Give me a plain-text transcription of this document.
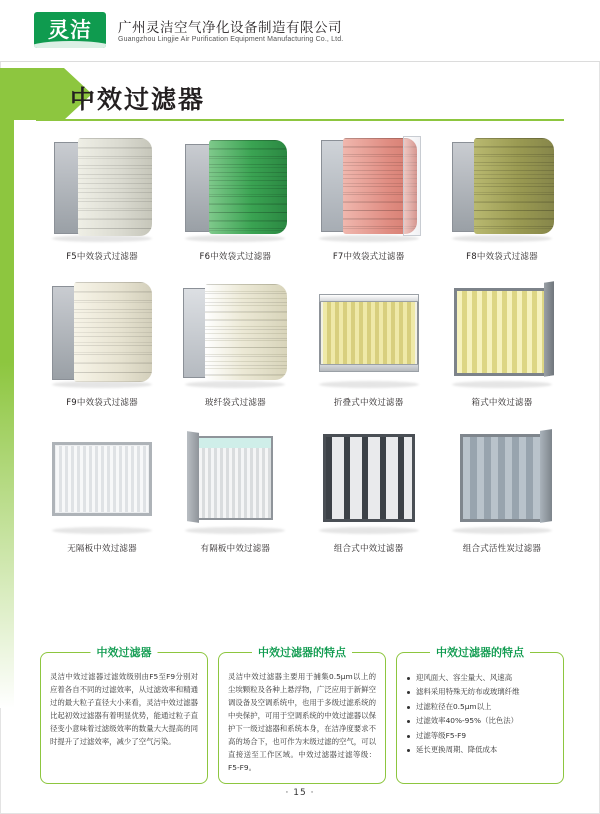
灵洁 广州灵洁空气净化设备制造有限公司
Guangzhou Lingjie Air Purification Equipment Manufacturing Co., Ltd.
中效过滤器
F5中效袋式过滤器	F6中效袋式过滤器	F7中效袋式过滤器	F8中效袋式过滤器
F9中效袋式过滤器	玻纤袋式过滤器	折叠式中效过滤器	箱式中效过滤器
无隔板中效过滤器	有隔板中效过滤器	组合式中效过滤器	组合式活性炭过滤器
中效过滤器
灵洁中效过滤器过滤效级别由F5至F9分别对应着各自不同的过滤效率，从过滤效率和精通过的最大粒子直径大小来看，灵洁中效过滤器比起初效过滤器有着明显优势，能通过粒子直径变小意味着过滤级效率的数量大大提高的同时提升了过滤效率，减少了空气污染。
中效过滤器的特点
灵洁中效过滤器主要用于捕集0.5μm以上的尘埃颗粒及各种上悬浮物，广泛应用于新鲜空调设备及空调系统中，也用于多级过滤系统的中央保护，可用于空调系统的中效过滤器以保护下一级过滤器和系统本身，在洁净度要求不高的场合下，也可作为末级过滤的空气，可以直接送至工作区域。中效过滤器过滤等级：F5-F9。
中效过滤器的特点
迎风面大、容尘量大、风速高
滤料采用特殊无纺布或玻璃纤维
过滤粒径在0.5μm以上
过滤效率40%-95%（比色法）
过滤等级F5-F9
延长更换周期、降低成本
· 15 ·
